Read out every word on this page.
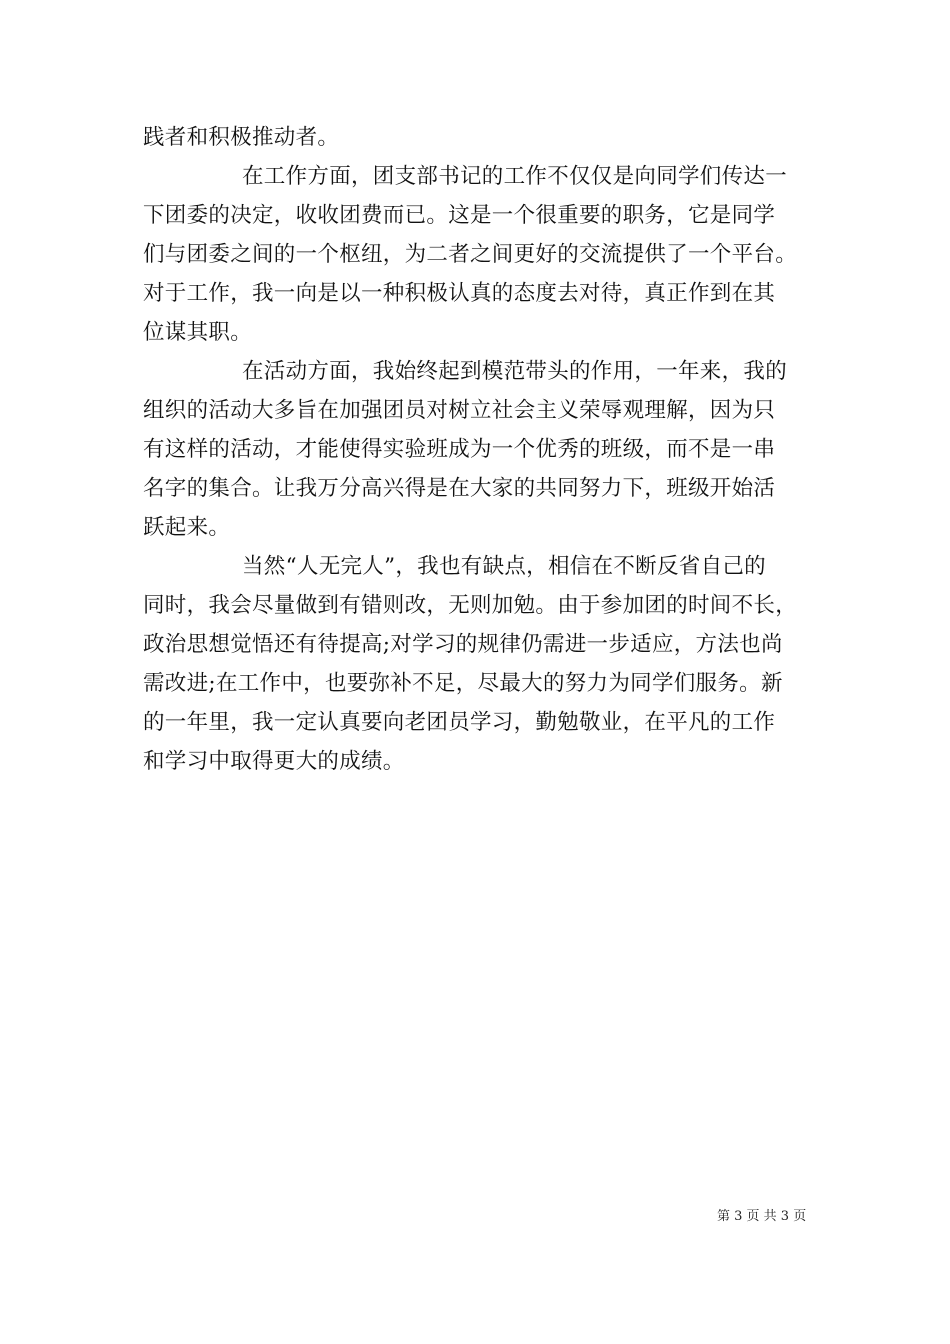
践者和积极推动者。
在工作方面，团支部书记的工作不仅仅是向同学们传达一
下团委的决定，收收团费而已。这是一个很重要的职务，它是同学
们与团委之间的一个枢纽，为二者之间更好的交流提供了一个平台。
对于工作，我一向是以一种积极认真的态度去对待，真正作到在其
位谋其职。
在活动方面，我始终起到模范带头的作用，一年来，我的
组织的活动大多旨在加强团员对树立社会主义荣辱观理解，因为只
有这样的活动，才能使得实验班成为一个优秀的班级，而不是一串
名字的集合。让我万分高兴得是在大家的共同努力下，班级开始活
跃起来。
当然“人无完人”，我也有缺点，相信在不断反省自己的
同时，我会尽量做到有错则改，无则加勉。由于参加团的时间不长，
政治思想觉悟还有待提高;对学习的规律仍需进一步适应，方法也尚
需改进;在工作中，也要弥补不足，尽最大的努力为同学们服务。新
的一年里，我一定认真要向老团员学习，勤勉敬业，在平凡的工作
和学习中取得更大的成绩。
第 3 页 共 3 页
